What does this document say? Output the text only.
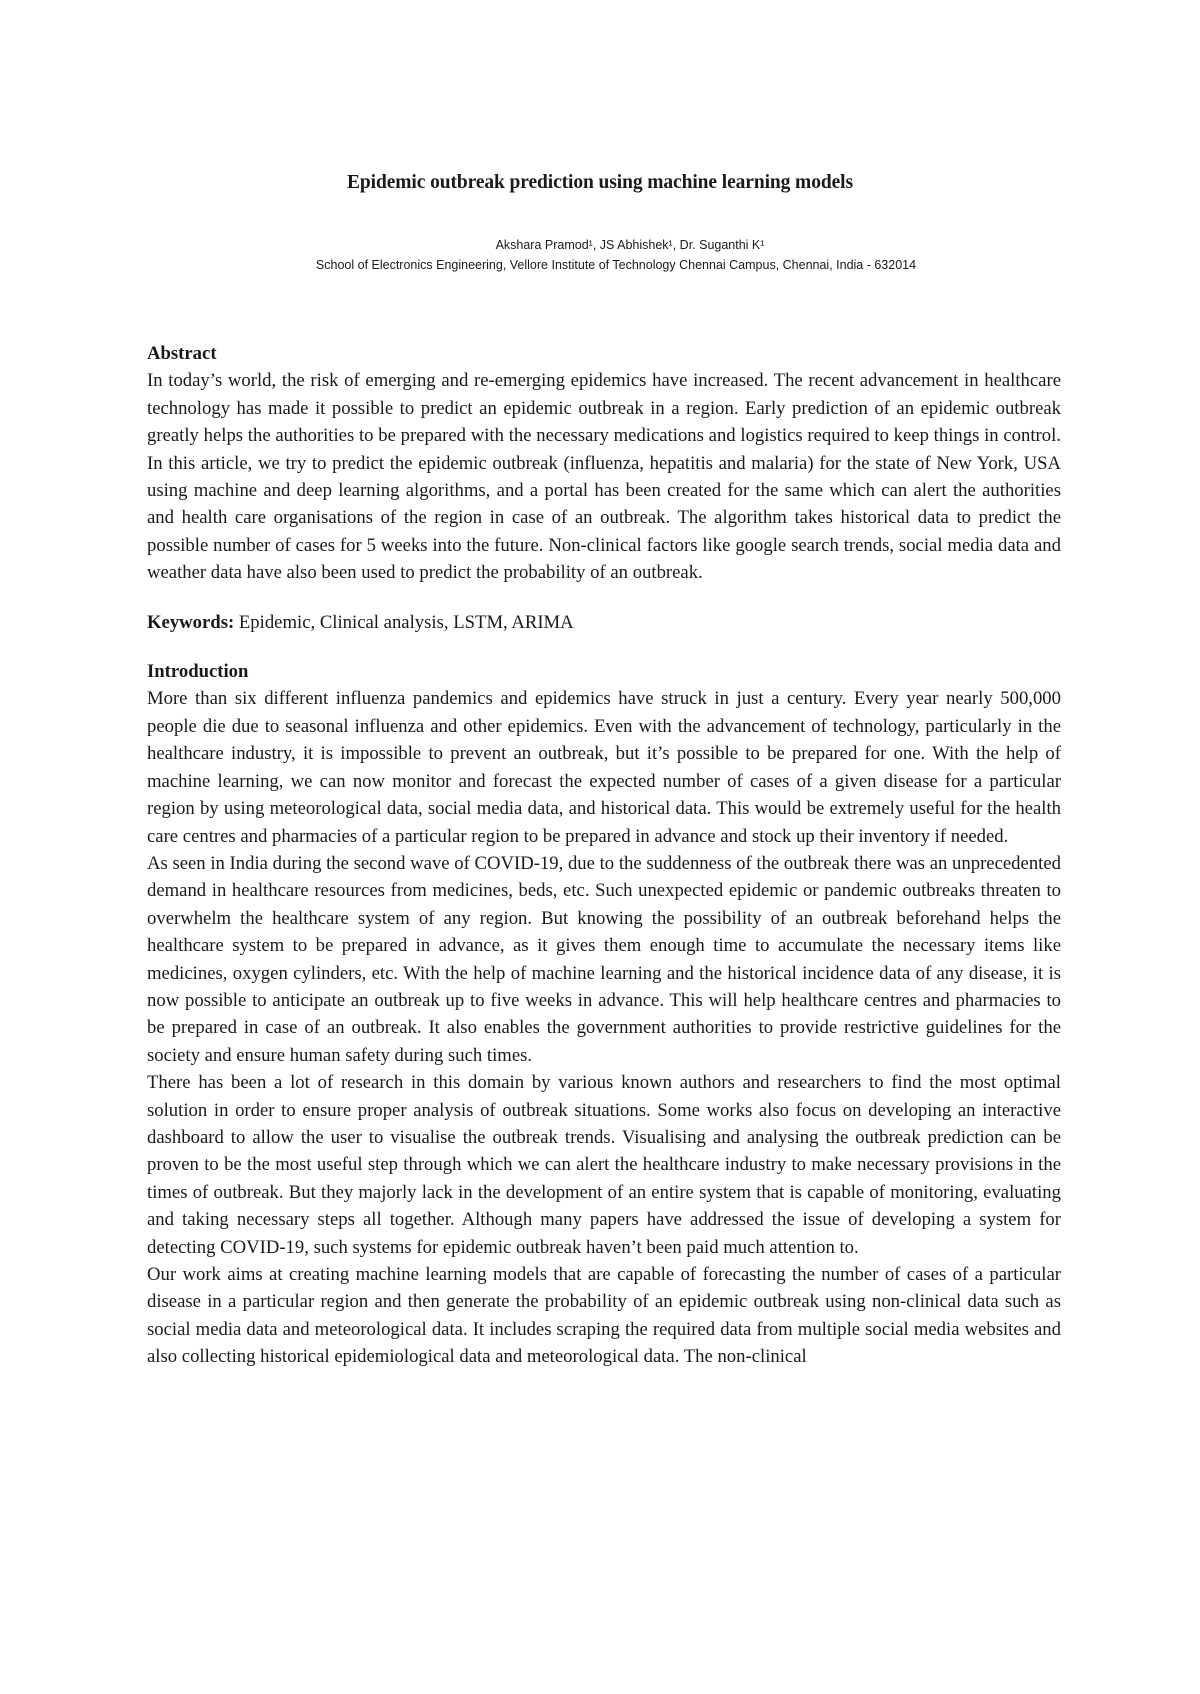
Epidemic outbreak prediction using machine learning models
Akshara Pramod¹, JS Abhishek¹, Dr. Suganthi K¹
School of Electronics Engineering, Vellore Institute of Technology Chennai Campus, Chennai, India - 632014
Abstract

In today’s world, the risk of emerging and re-emerging epidemics have increased. The recent advancement in healthcare technology has made it possible to predict an epidemic outbreak in a region. Early prediction of an epidemic outbreak greatly helps the authorities to be prepared with the necessary medications and logistics required to keep things in control. In this article, we try to predict the epidemic outbreak (influenza, hepatitis and malaria) for the state of New York, USA using machine and deep learning algorithms, and a portal has been created for the same which can alert the authorities and health care organisations of the region in case of an outbreak. The algorithm takes historical data to predict the possible number of cases for 5 weeks into the future. Non-clinical factors like google search trends, social media data and weather data have also been used to predict the probability of an outbreak.

Keywords: Epidemic, Clinical analysis, LSTM, ARIMA

Introduction

More than six different influenza pandemics and epidemics have struck in just a century. Every year nearly 500,000 people die due to seasonal influenza and other epidemics. Even with the advancement of technology, particularly in the healthcare industry, it is impossible to prevent an outbreak, but it’s possible to be prepared for one. With the help of machine learning, we can now monitor and forecast the expected number of cases of a given disease for a particular region by using meteorological data, social media data, and historical data. This would be extremely useful for the health care centres and pharmacies of a particular region to be prepared in advance and stock up their inventory if needed.

As seen in India during the second wave of COVID-19, due to the suddenness of the outbreak there was an unprecedented demand in healthcare resources from medicines, beds, etc. Such unexpected epidemic or pandemic outbreaks threaten to overwhelm the healthcare system of any region. But knowing the possibility of an outbreak beforehand helps the healthcare system to be prepared in advance, as it gives them enough time to accumulate the necessary items like medicines, oxygen cylinders, etc. With the help of machine learning and the historical incidence data of any disease, it is now possible to anticipate an outbreak up to five weeks in advance. This will help healthcare centres and pharmacies to be prepared in case of an outbreak. It also enables the government authorities to provide restrictive guidelines for the society and ensure human safety during such times.

There has been a lot of research in this domain by various known authors and researchers to find the most optimal solution in order to ensure proper analysis of outbreak situations. Some works also focus on developing an interactive dashboard to allow the user to visualise the outbreak trends. Visualising and analysing the outbreak prediction can be proven to be the most useful step through which we can alert the healthcare industry to make necessary provisions in the times of outbreak. But they majorly lack in the development of an entire system that is capable of monitoring, evaluating and taking necessary steps all together. Although many papers have addressed the issue of developing a system for detecting COVID-19, such systems for epidemic outbreak haven’t been paid much attention to.

Our work aims at creating machine learning models that are capable of forecasting the number of cases of a particular disease in a particular region and then generate the probability of an epidemic outbreak using non-clinical data such as social media data and meteorological data. It includes scraping the required data from multiple social media websites and also collecting historical epidemiological data and meteorological data. The non-clinical
